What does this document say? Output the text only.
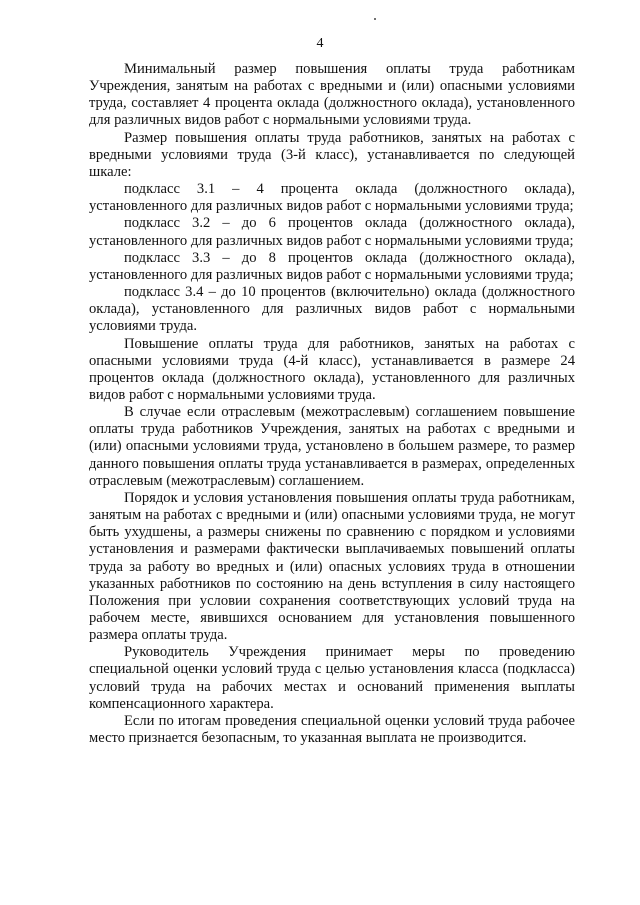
4

Минимальный размер повышения оплаты труда работникам Учреждения, занятым на работах с вредными и (или) опасными условиями труда, составляет 4 процента оклада (должностного оклада), установленного для различных видов работ с нормальными условиями труда.

Размер повышения оплаты труда работников, занятых на работах с вредными условиями труда (3-й класс), устанавливается по следующей шкале:

подкласс 3.1 – 4 процента оклада (должностного оклада), установленного для различных видов работ с нормальными условиями труда;

подкласс 3.2 – до 6 процентов оклада (должностного оклада), установленного для различных видов работ с нормальными условиями труда;

подкласс 3.3 – до 8 процентов оклада (должностного оклада), установленного для различных видов работ с нормальными условиями труда;

подкласс 3.4 – до 10 процентов (включительно) оклада (должностного оклада), установленного для различных видов работ с нормальными условиями труда.

Повышение оплаты труда для работников, занятых на работах с опасными условиями труда (4-й класс), устанавливается в размере 24 процентов оклада (должностного оклада), установленного для различных видов работ с нормальными условиями труда.

В случае если отраслевым (межотраслевым) соглашением повышение оплаты труда работников Учреждения, занятых на работах с вредными и (или) опасными условиями труда, установлено в большем размере, то размер данного повышения оплаты труда устанавливается в размерах, определенных отраслевым (межотраслевым) соглашением.

Порядок и условия установления повышения оплаты труда работникам, занятым на работах с вредными и (или) опасными условиями труда, не могут быть ухудшены, а размеры снижены по сравнению с порядком и условиями установления и размерами фактически выплачиваемых повышений оплаты труда за работу во вредных и (или) опасных условиях труда в отношении указанных работников по состоянию на день вступления в силу настоящего Положения при условии сохранения соответствующих условий труда на рабочем месте, явившихся основанием для установления повышенного размера оплаты труда.

Руководитель Учреждения принимает меры по проведению специальной оценки условий труда с целью установления класса (подкласса) условий труда на рабочих местах и оснований применения выплаты компенсационного характера.

Если по итогам проведения специальной оценки условий труда рабочее место признается безопасным, то указанная выплата не производится.
